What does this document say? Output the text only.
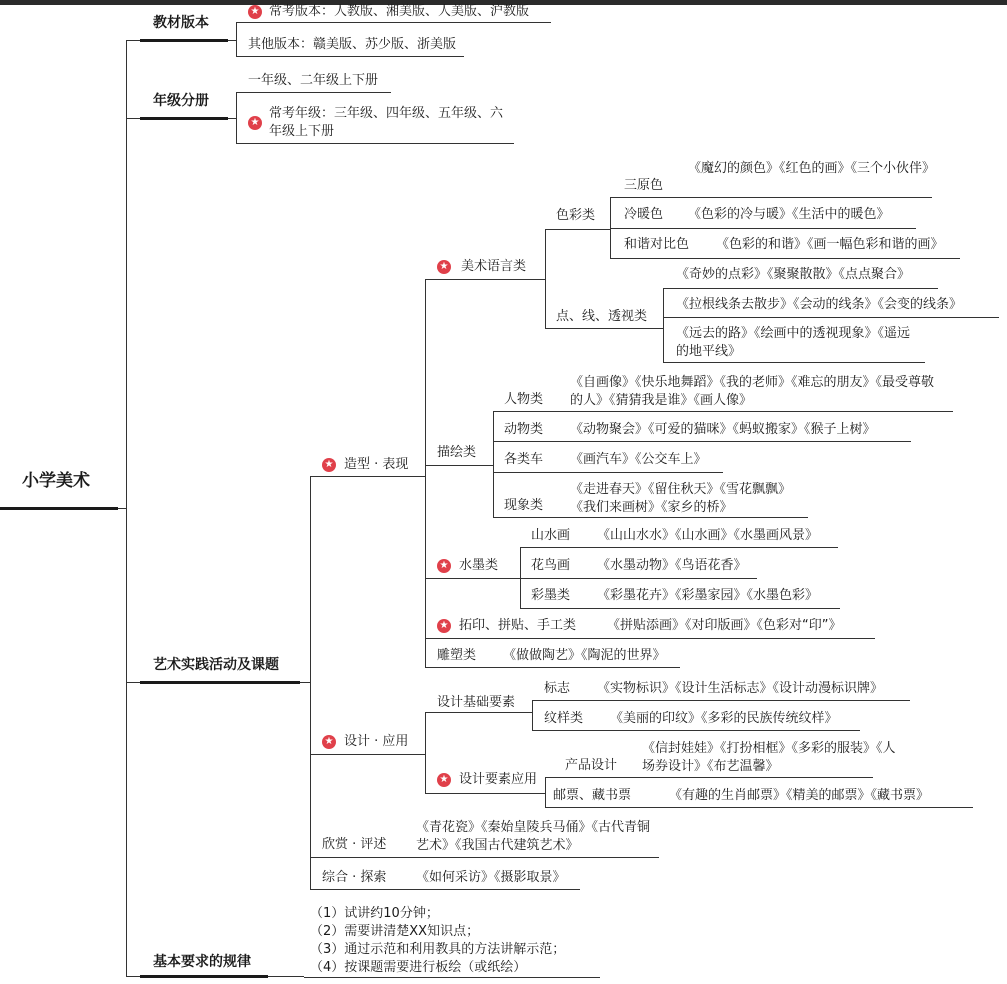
小学美术
教材版本
★ 常考版本：人教版、湘美版、人美版、沪教版
其他版本：赣美版、苏少版、浙美版
年级分册
一年级、二年级上下册
★
常考年级：三年级、四年级、五年级、六年级上下册
艺术实践活动及课题
★ 造型 · 表现
★ 美术语言类
色彩类
三原色
《魔幻的颜色》《红色的画》《三个小伙伴》
冷暖色 《色彩的冷与暖》《生活中的暖色》
和谐对比色 《色彩的和谐》《画一幅色彩和谐的画》
点、线、透视类
《奇妙的点彩》《聚聚散散》《点点聚合》
《拉根线条去散步》《会动的线条》《会变的线条》
《远去的路》《绘画中的透视现象》《遥远的地平线》
描绘类
人物类
《自画像》《快乐地舞蹈》《我的老师》《难忘的朋友》《最受尊敬的人》《猜猜我是谁》《画人像》
动物类 《动物聚会》《可爱的猫咪》《蚂蚁搬家》《猴子上树》
各类车 《画汽车》《公交车上》
现象类
《走进春天》《留住秋天》《雪花飘飘》《我们来画树》《家乡的桥》
★ 水墨类
山水画 《山山水水》《山水画》《水墨画风景》
花鸟画 《水墨动物》《鸟语花香》
彩墨类 《彩墨花卉》《彩墨家园》《水墨色彩》
★ 拓印、拼贴、手工类 《拼贴添画》《对印版画》《色彩对“印”》
雕塑类 《做做陶艺》《陶泥的世界》
★ 设计 · 应用
设计基础要素
标志 《实物标识》《设计生活标志》《设计动漫标识牌》
纹样类 《美丽的印纹》《多彩的民族传统纹样》
★ 设计要素应用
产品设计
《信封娃娃》《打扮相框》《多彩的服装》《人场券设计》《布艺温馨》
邮票、藏书票	《有趣的生肖邮票》《精美的邮票》《藏书票》
欣赏 · 评述
《青花瓷》《秦始皇陵兵马俑》《古代青铜艺术》《我国古代建筑艺术》
综合 · 探索 《如何采访》《摄影取景》
基本要求的规律
（1）试讲约10分钟；
（2）需要讲清楚XX知识点；
（3）通过示范和利用教具的方法讲解示范；
（4）按课题需要进行板绘（或纸绘）
